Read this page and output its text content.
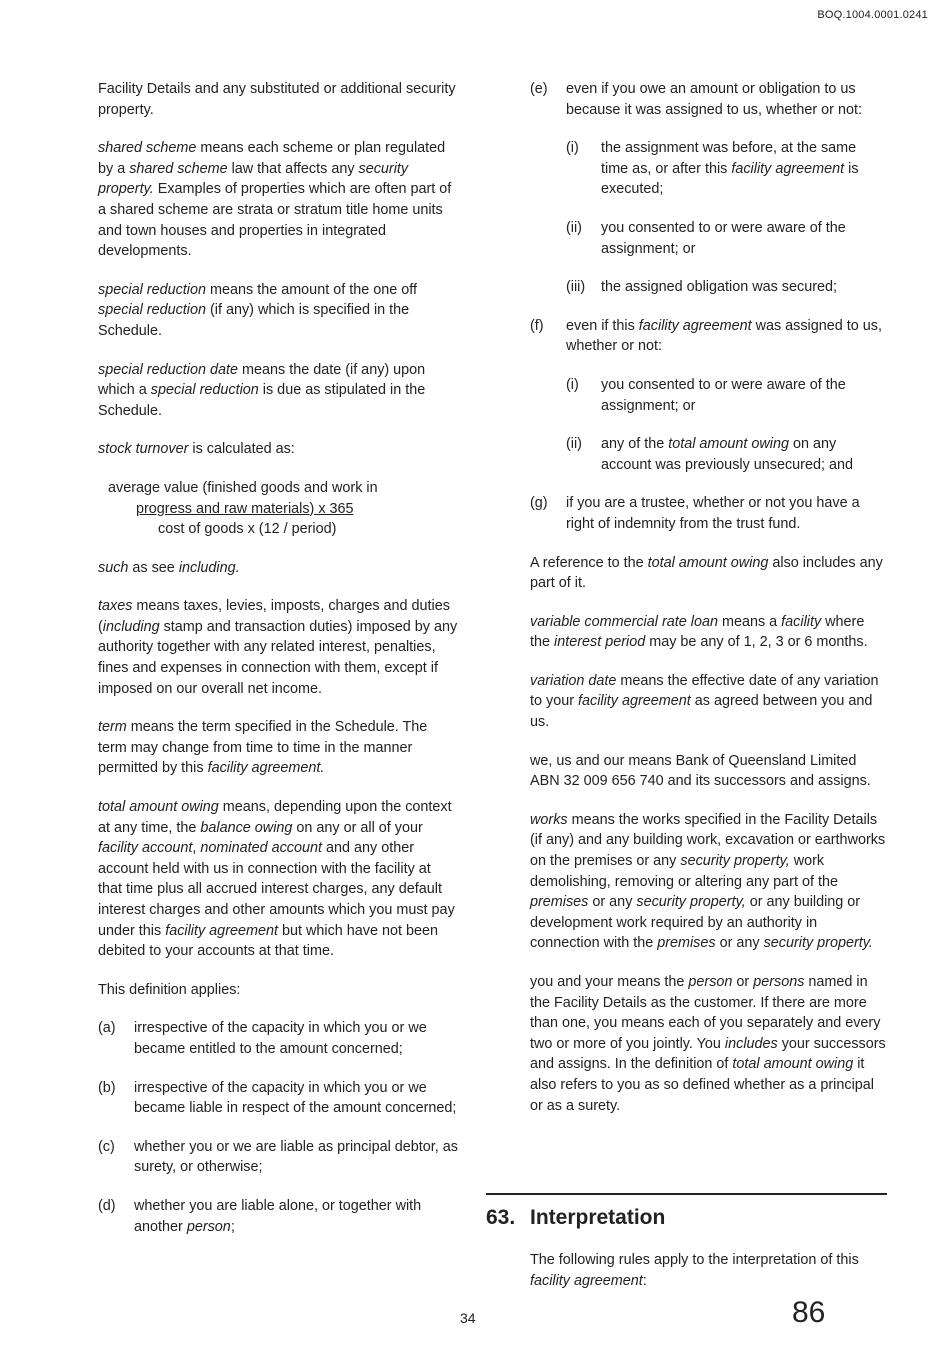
BOQ.1004.0001.0241

Facility Details and any substituted or additional security property.

shared scheme means each scheme or plan regulated by a shared scheme law that affects any security property. Examples of properties which are often part of a shared scheme are strata or stratum title home units and town houses and properties in integrated developments.

special reduction means the amount of the one off special reduction (if any) which is specified in the Schedule.

special reduction date means the date (if any) upon which a special reduction is due as stipulated in the Schedule.

stock turnover is calculated as:

average value (finished goods and work in
progress and raw materials) x 365
cost of goods x (12 / period)

such as see including.

taxes means taxes, levies, imposts, charges and duties (including stamp and transaction duties) imposed by any authority together with any related interest, penalties, fines and expenses in connection with them, except if imposed on our overall net income.

term means the term specified in the Schedule. The term may change from time to time in the manner permitted by this facility agreement.

total amount owing means, depending upon the context at any time, the balance owing on any or all of your facility account, nominated account and any other account held with us in connection with the facility at that time plus all accrued interest charges, any default interest charges and other amounts which you must pay under this facility agreement but which have not been debited to your accounts at that time.

This definition applies:

(a)	irrespective of the capacity in which you or we became entitled to the amount concerned;
(b)	irrespective of the capacity in which you or we became liable in respect of the amount concerned;
(c)	whether you or we are liable as principal debtor, as surety, or otherwise;
(d)	whether you are liable alone, or together with another person;
(e)	even if you owe an amount or obligation to us because it was assigned to us, whether or not:
(i)	the assignment was before, at the same time as, or after this facility agreement is executed;
(ii)	you consented to or were aware of the assignment; or
(iii)	the assigned obligation was secured;
(f)	even if this facility agreement was assigned to us, whether or not:
(i)	you consented to or were aware of the assignment; or
(ii)	any of the total amount owing on any account was previously unsecured; and
(g)	if you are a trustee, whether or not you have a right of indemnity from the trust fund.

A reference to the total amount owing also includes any part of it.

variable commercial rate loan means a facility where the interest period may be any of 1, 2, 3 or 6 months.

variation date means the effective date of any variation to your facility agreement as agreed between you and us.

we, us and our means Bank of Queensland Limited ABN 32 009 656 740 and its successors and assigns.

works means the works specified in the Facility Details (if any) and any building work, excavation or earthworks on the premises or any security property, work demolishing, removing or altering any part of the premises or any security property, or any building or development work required by an authority in connection with the premises or any security property.

you and your means the person or persons named in the Facility Details as the customer. If there are more than one, you means each of you separately and every two or more of you jointly. You includes your successors and assigns. In the definition of total amount owing it also refers to you as so defined whether as a principal or as a surety.

63. Interpretation

The following rules apply to the interpretation of this facility agreement:

34	86
